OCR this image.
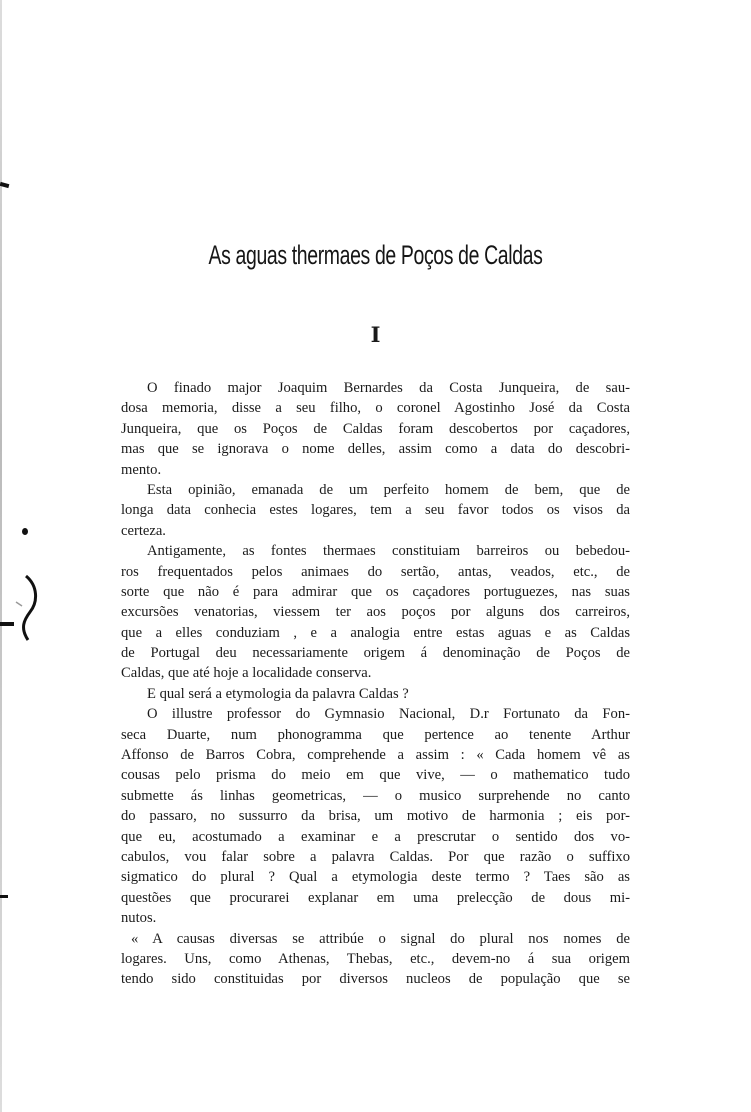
As aguas thermaes de Poços de Caldas
I
O finado major Joaquim Bernardes da Costa Junqueira, de sau-
dosa memoria, disse a seu filho, o coronel Agostinho José da Costa
Junqueira, que os Poços de Caldas foram descobertos por caçadores,
mas que se ignorava o nome delles, assim como a data do descobri-
mento.
Esta opinião, emanada de um perfeito homem de bem, que de
longa data conhecia estes logares, tem a seu favor todos os visos da
certeza.
Antigamente, as fontes thermaes constituiam barreiros ou bebedou-
ros frequentados pelos animaes do sertão, antas, veados, etc., de
sorte que não é para admirar que os caçadores portuguezes, nas suas
excursões venatorias, viessem ter aos poços por alguns dos carreiros,
que a elles conduziam , e a analogia entre estas aguas e as Caldas
de Portugal deu necessariamente origem á denominação de Poços de
Caldas, que até hoje a localidade conserva.
E qual será a etymologia da palavra Caldas ?
O illustre professor do Gymnasio Nacional, D.r Fortunato da Fon-
seca Duarte, num phonogramma que pertence ao tenente Arthur
Affonso de Barros Cobra, comprehende a assim : « Cada homem vê as
cousas pelo prisma do meio em que vive, — o mathematico tudo
submette ás linhas geometricas, — o musico surprehende no canto
do passaro, no sussurro da brisa, um motivo de harmonia ; eis por-
que eu, acostumado a examinar e a prescrutar o sentido dos vo-
cabulos, vou falar sobre a palavra Caldas. Por que razão o suffixo
sigmatico do plural ? Qual a etymologia deste termo ? Taes são as
questões que procurarei explanar em uma prelecção de dous mi-
nutos.
« A causas diversas se attribúe o signal do plural nos nomes de
logares. Uns, como Athenas, Thebas, etc., devem-no á sua origem
tendo sido constituidas por diversos nucleos de população que se
